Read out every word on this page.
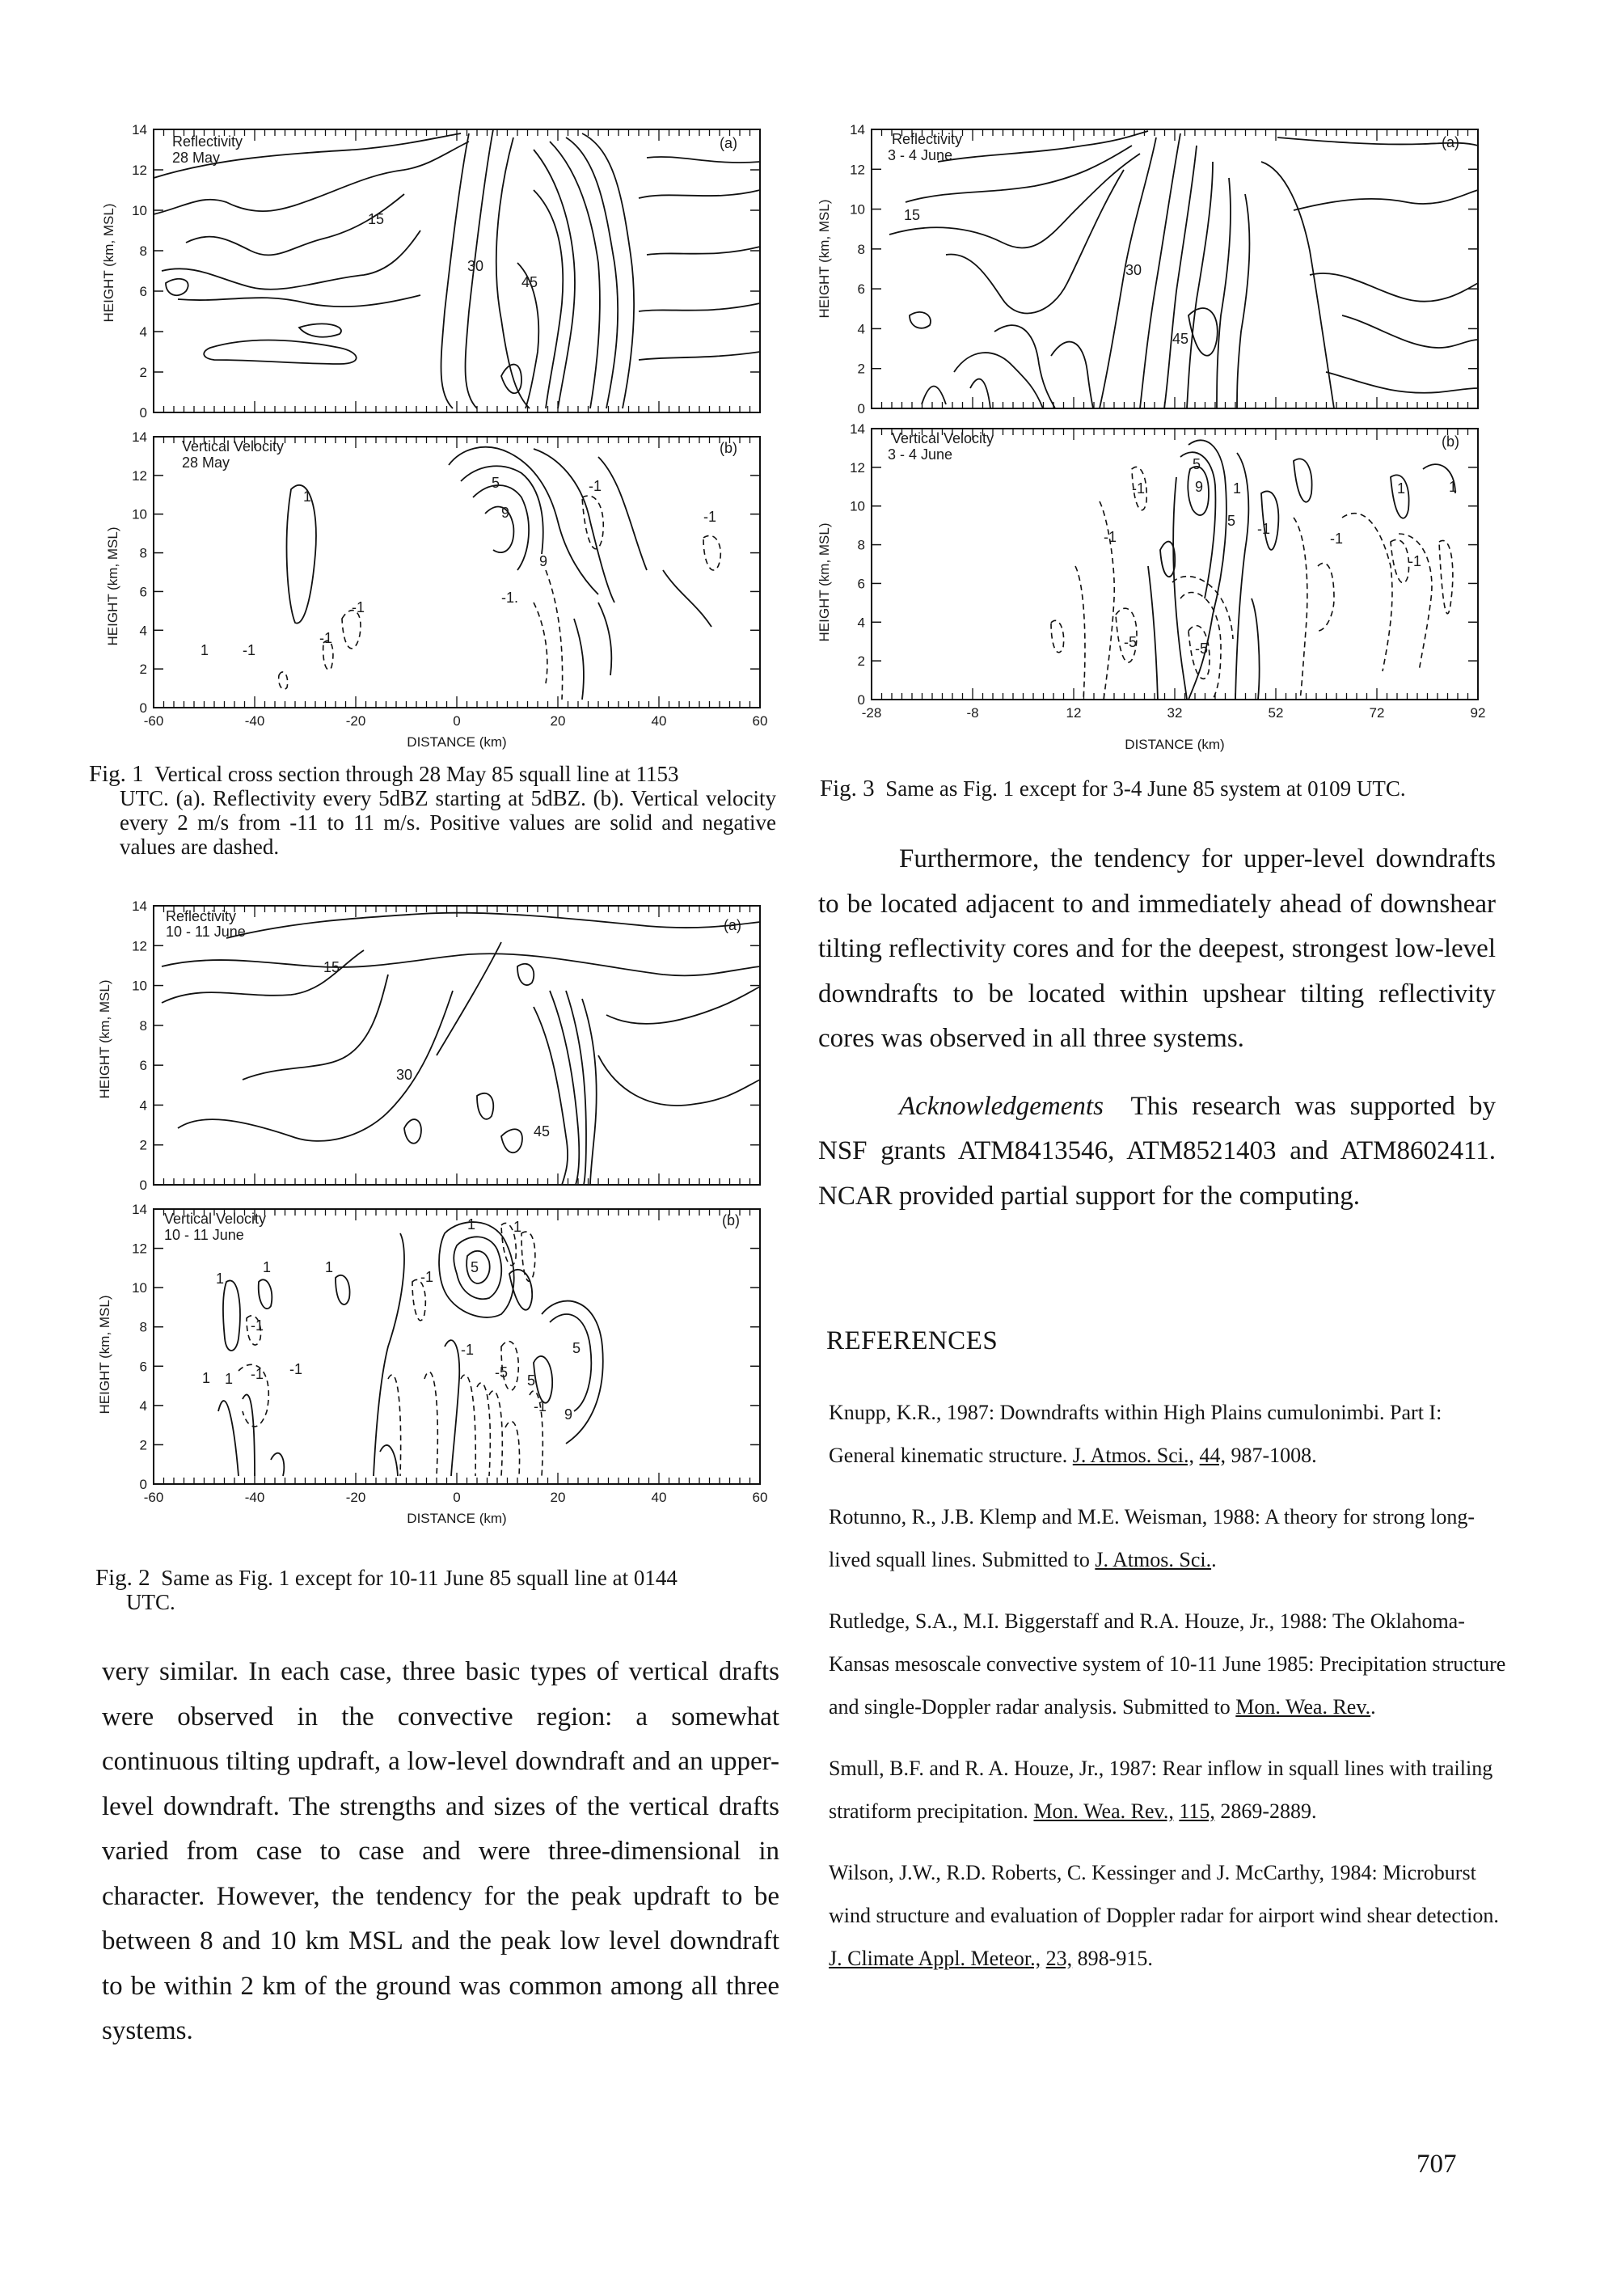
HEIGHT (km, MSL)
HEIGHT (km, MSL)
0
2
4
6
8
10
12
14
Reflectivity
28 May
(a)
15
30
45
0
2
4
6
8
10
12
14
Vertical Velocity
28 May
(b)
1
5
9
9
-1
-1.
-1
-1
-1
-1
1
-60	-40	-20	0	20	40	60
DISTANCE (km)
Fig. 1 Vertical cross section through 28 May 85 squall line at 1153
UTC. (a). Reflectivity every 5dBZ starting at 5dBZ. (b). Vertical velocity every 2 m/s from -11 to 11 m/s. Positive values are solid and negative values are dashed.
HEIGHT (km, MSL)
HEIGHT (km, MSL)
0
2
4
6
8
10
12
14
Reflectivity
10 - 11 June	(a)
15
30
45
0
2
4
6
8
10
12
14
Vertical Velocity
10 - 11 June
(b)
1
1	1
-1
-1
5
1
-1
1
5
-1
-5 5
-1 9
1 1
-1
-60	-40	-20	0	20	40	60
DISTANCE (km)
Fig. 2 Same as Fig. 1 except for 10-11 June 85 squall line at 0144
UTC.
HEIGHT (km, MSL)
HEIGHT (km, MSL)
0
2
4
6
8
10
12
14
Reflectivity
3 - 4 June
(a)
15
30
45
0
2
4
6
8
10
12
14
Vertical Velocity
3 - 4 June
(b)
5
9
5
-1	1
-1	-1
-1
1
1
-5	-5
-1
-28	-8	12	32	52	72	92
DISTANCE (km)
Fig. 3 Same as Fig. 1 except for 3-4 June 85 system at 0109 UTC.

very similar. In each case, three basic types of vertical drafts were observed in the convective region: a somewhat continuous tilting updraft, a low-level downdraft and an upper-level downdraft. The strengths and sizes of the vertical drafts varied from case to case and were three-dimensional in character. However, the tendency for the peak updraft to be between 8 and 10 km MSL and the peak low level downdraft to be within 2 km of the ground was common among all three systems.

Furthermore, the tendency for upper-level downdrafts to be located adjacent to and immediately ahead of downshear tilting reflectivity cores and for the deepest, strongest low-level downdrafts to be located within upshear tilting reflectivity cores was observed in all three systems.

Acknowledgements This research was supported by NSF grants ATM8413546, ATM8521403 and ATM8602411. NCAR provided partial support for the computing.

REFERENCES
Knupp, K.R., 1987: Downdrafts within High Plains cumulonimbi. Part I: General kinematic structure. J. Atmos. Sci., 44, 987-1008.
Rotunno, R., J.B. Klemp and M.E. Weisman, 1988: A theory for strong long-lived squall lines. Submitted to J. Atmos. Sci..
Rutledge, S.A., M.I. Biggerstaff and R.A. Houze, Jr., 1988: The Oklahoma-Kansas mesoscale convective system of 10-11 June 1985: Precipitation structure and single-Doppler radar analysis. Submitted to Mon. Wea. Rev..
Smull, B.F. and R. A. Houze, Jr., 1987: Rear inflow in squall lines with trailing stratiform precipitation. Mon. Wea. Rev., 115, 2869-2889.
Wilson, J.W., R.D. Roberts, C. Kessinger and J. McCarthy, 1984: Microburst wind structure and evaluation of Doppler radar for airport wind shear detection. J. Climate Appl. Meteor., 23, 898-915.
707
